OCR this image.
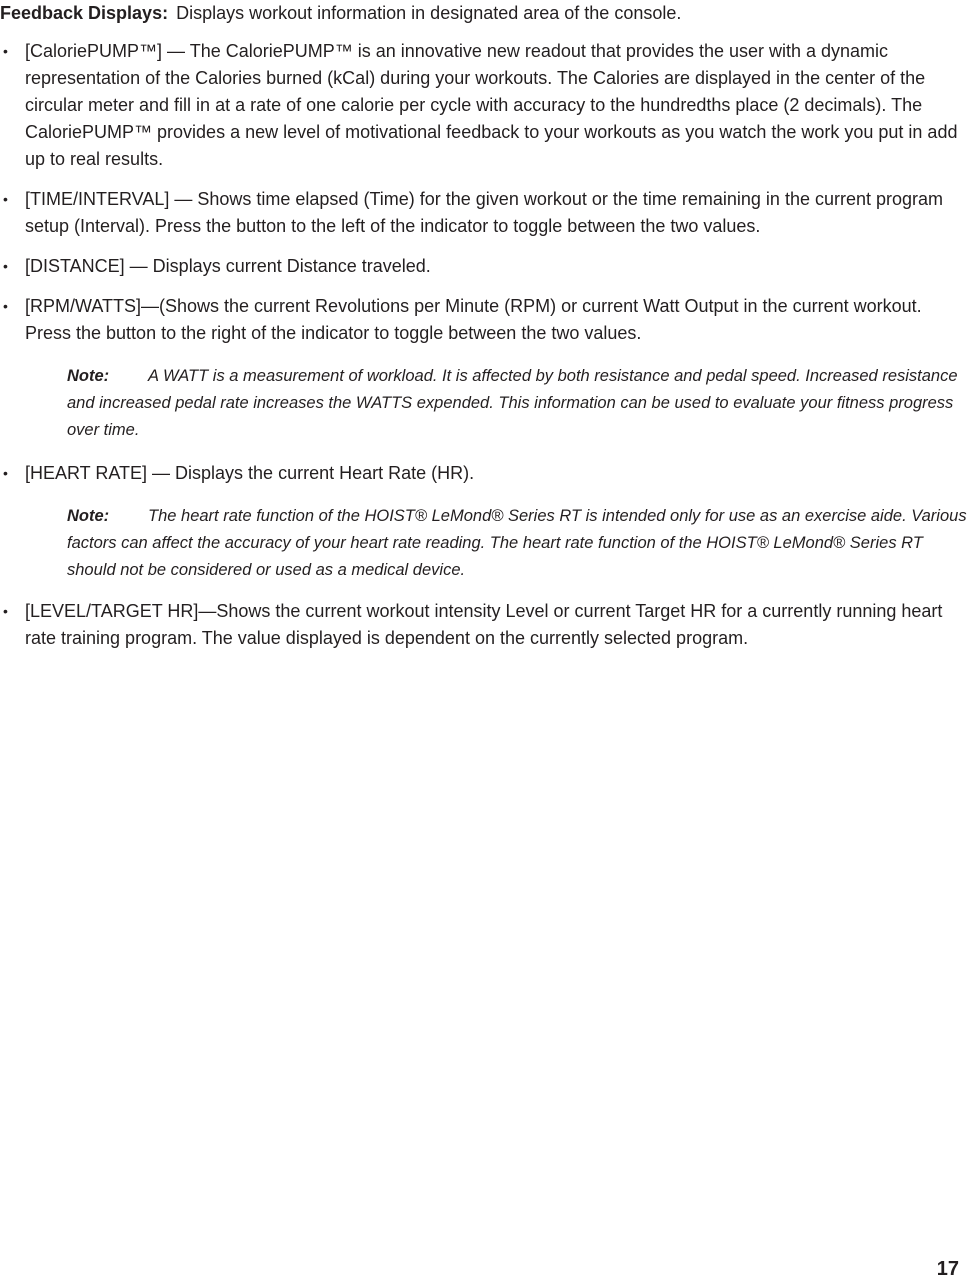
Feedback Displays: Displays workout information in designated area of the console.
• [CaloriePUMP™] — The CaloriePUMP™ is an innovative new readout that provides the user with a dynamic representation of the Calories burned (kCal) during your workouts. The Calories are displayed in the center of the circular meter and fill in at a rate of one calorie per cycle with accuracy to the hundredths place (2 decimals). The CaloriePUMP™ provides a new level of motivational feedback to your workouts as you watch the work you put in add up to real results.
• [TIME/INTERVAL] — Shows time elapsed (Time) for the given workout or the time remaining in the current program setup (Interval). Press the button to the left of the indicator to toggle between the two values.
• [DISTANCE] — Displays current Distance traveled.
• [RPM/WATTS]—(Shows the current Revolutions per Minute (RPM) or current Watt Output in the current workout. Press the button to the right of the indicator to toggle between the two values.
Note: A WATT is a measurement of workload. It is affected by both resistance and pedal speed. Increased resistance and increased pedal rate increases the WATTS expended. This information can be used to evaluate your fitness progress over time.
• [HEART RATE] — Displays the current Heart Rate (HR).
Note: The heart rate function of the HOIST® LeMond® Series RT is intended only for use as an exercise aide. Various factors can affect the accuracy of your heart rate reading. The heart rate function of the HOIST® LeMond® Series RT should not be considered or used as a medical device.
• [LEVEL/TARGET HR]—Shows the current workout intensity Level or current Target HR for a currently running heart rate training program. The value displayed is dependent on the currently selected program.
17
